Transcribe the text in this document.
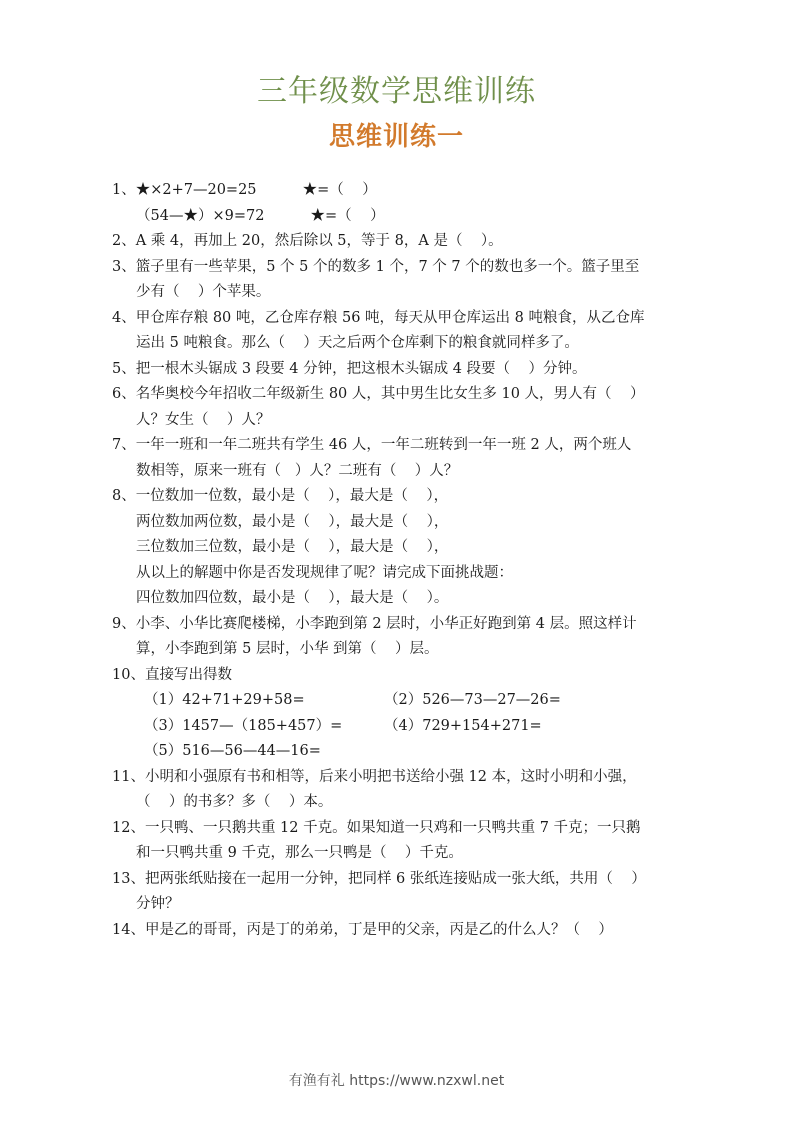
三年级数学思维训练
思维训练一
1、★×2+7—20=25          ★=（    ）
（54—★）×9=72          ★=（    ）
2、A 乘 4，再加上 20，然后除以 5，等于 8，A 是（    ）。
3、篮子里有一些苹果，5 个 5 个的数多 1 个，7 个 7 个的数也多一个。篮子里至
少有（    ）个苹果。
4、甲仓库存粮 80 吨，乙仓库存粮 56 吨，每天从甲仓库运出 8 吨粮食，从乙仓库
运出 5 吨粮食。那么（    ）天之后两个仓库剩下的粮食就同样多了。
5、把一根木头锯成 3 段要 4 分钟，把这根木头锯成 4 段要（    ）分钟。
6、名华奥校今年招收二年级新生 80 人，其中男生比女生多 10 人，男人有（    ）
人？女生（    ）人？
7、一年一班和一年二班共有学生 46 人，一年二班转到一年一班 2 人，两个班人
数相等，原来一班有（   ）人？二班有（    ）人？
8、一位数加一位数，最小是（    ），最大是（    ），
两位数加两位数，最小是（    ），最大是（    ），
三位数加三位数，最小是（    ），最大是（    ），
从以上的解题中你是否发现规律了呢？请完成下面挑战题：
四位数加四位数，最小是（    ），最大是（    ）。
9、小李、小华比赛爬楼梯，小李跑到第 2 层时，小华正好跑到第 4 层。照这样计
算，小李跑到第 5 层时，小华 到第（    ）层。
10、直接写出得数
（1）42+71+29+58=	（2）526—73—27—26=
（3）1457—（185+457）=	（4）729+154+271=
（5）516—56—44—16=
11、小明和小强原有书和相等，后来小明把书送给小强 12 本，这时小明和小强，
（    ）的书多？多（    ）本。
12、一只鸭、一只鹅共重 12 千克。如果知道一只鸡和一只鸭共重 7 千克；一只鹅
和一只鸭共重 9 千克，那么一只鸭是（    ）千克。
13、把两张纸贴接在一起用一分钟，把同样 6 张纸连接贴成一张大纸，共用（    ）
分钟？
14、甲是乙的哥哥，丙是丁的弟弟，丁是甲的父亲，丙是乙的什么人？（    ）
有渔有礼 https://www.nzxwl.net
